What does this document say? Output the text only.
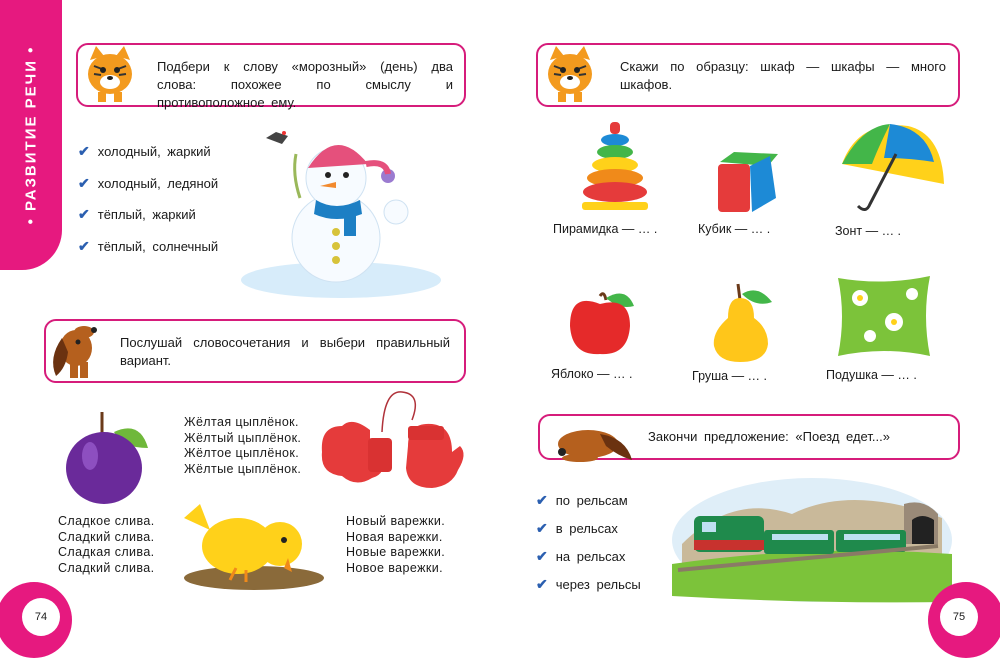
• РАЗВИТИЕ РЕЧИ •	Подбери к слову «морозный» (день) два слова: похожее по смыслу и противоположное ему.
✔ холодный, жаркий
✔ холодный, ледяной
✔ тёплый, жаркий
✔ тёплый, солнечный
Послушай словосочетания и выбери правильный вариант.
Сладкое слива.
Сладкий слива.
Сладкая слива.
Сладкий слива.
Жёлтая цыплёнок.
Жёлтый цыплёнок.
Жёлтое цыплёнок.
Жёлтые цыплёнок.
Новый варежки.
Новая варежки.
Новые варежки.
Новое варежки.
74
Скажи по образцу: шкаф — шкафы — много шкафов.
Пирамидка — … .	Кубик — … .	Зонт — … .
Яблоко — … .	Груша — … .	Подушка — … .
Закончи предложение: «Поезд едет...»
✔ по рельсам
✔ в рельсах
✔ на рельсах
✔ через рельсы
75
